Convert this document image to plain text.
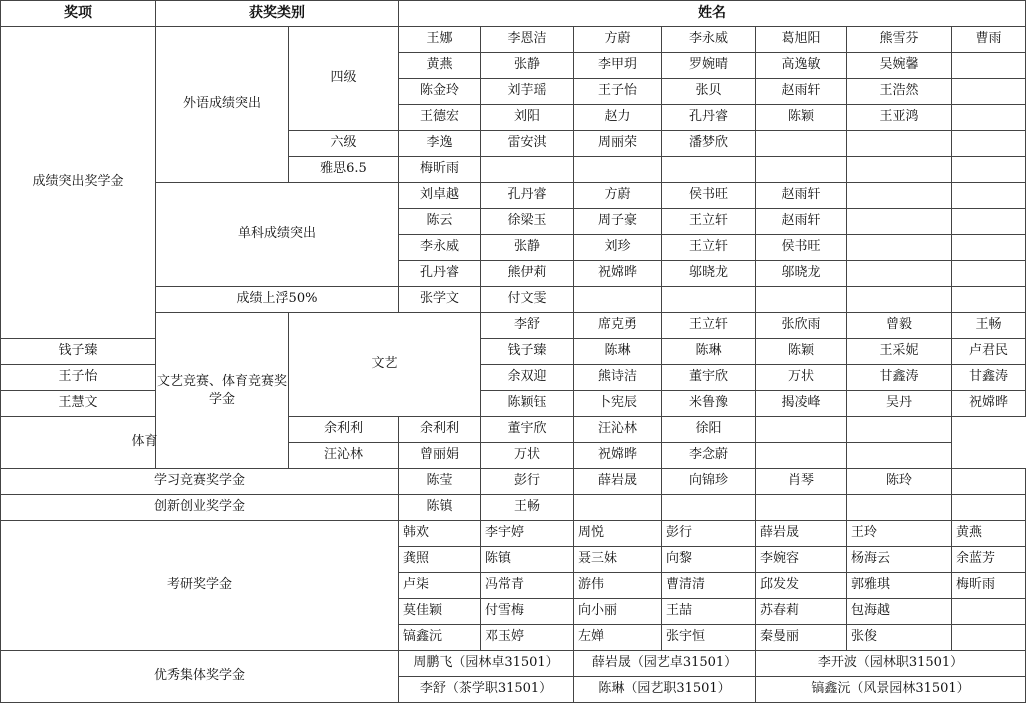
奖项	获奖类别		姓名							
成绩突出奖学金	外语成绩突出	四级	王娜	李恩洁	方蔚	李永威	葛旭阳	熊雪芬	曹雨	
			黄燕	张静	李甲玥	罗婉晴	高逸敏	吴婉馨		
			陈金玲	刘芋瑶	王子怡	张贝	赵雨轩	王浩然		
			王德宏	刘阳	赵力	孔丹睿	陈颖	王亚鸿		
		六级	李逸	雷安淇	周丽荣	潘梦欣				
		雅思6.5	梅昕雨							
	单科成绩突出		刘卓越	孔丹睿	方蔚	侯书旺	赵雨轩			
			陈云	徐梁玉	周子豪	王立轩	赵雨轩			
			李永威	张静	刘珍	王立轩	侯书旺			
			孔丹睿	熊伊莉	祝嫦晔	邬晓龙	邬晓龙			
	成绩上浮50%		张学文	付文雯						
	文艺竞赛、体育竞赛奖学金	文艺		李舒	席克勇	王立轩	张欣雨	曾毅	王畅	
钱子臻				钱子臻	陈琳	陈琳	陈颖	王采妮	卢君民	
王子怡				余双迎	熊诗洁	董宇欣	万状	甘鑫涛	甘鑫涛	
王慧文				陈颖钰	卜宪辰	米鲁豫	揭凌峰	吴丹	祝嫦晔	
体育		余利利	余利利	董宇欣	汪沁林	徐阳				
		汪沁林	曾丽娟	万状	祝嫦晔	李念蔚				
学习竞赛奖学金			陈莹	彭行	薛岩晟	向锦珍	肖琴	陈玲		
创新创业奖学金			陈镇	王畅						
考研奖学金			韩欢	李宇婷	周悦	彭行	薛岩晟	王玲	黄燕	
			龚照	陈镇	聂三妹	向黎	李婉容	杨海云	余蓝芳	
			卢柒	冯常青	游伟	曹清清	邱发发	郭雅琪	梅昕雨	
			莫佳颖	付雪梅	向小丽	王喆	苏春莉	包海越		
			镐鑫沅	邓玉婷	左婵	张宇恒	秦曼丽	张俊		
优秀集体奖学金			周鹏飞（园林卓31501）		薛岩晟（园艺卓31501）		李开波（园林职31501）			
			李舒（茶学职31501）		陈琳（园艺职31501）		镐鑫沅（风景园林31501）			
